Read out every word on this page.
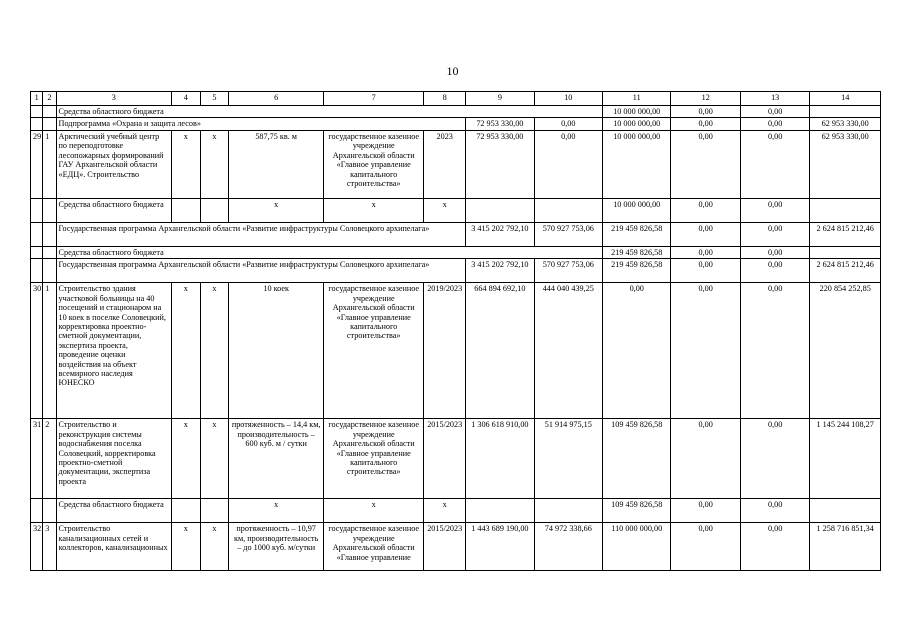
10
1	2	3	4	5	6	7	8	9	10	11	12	13	14
		Средства областного бюджета								10 000 000,00	0,00	0,00	
		Подпрограмма «Охрана и защита лесов»						72 953 330,00	0,00	10 000 000,00	0,00	0,00	62 953 330,00
29	1	Арктический учебный центр по переподготовке лесопожарных формирований ГАУ Архангельской области «ЕДЦ». Строительство	х	х	587,75 кв. м	государственное казенное учреждение Архангельской области «Главное управление капитального строительства»	2023	72 953 330,00	0,00	10 000 000,00	0,00	0,00	62 953 330,00
		Средства областного бюджета			х	х	х			10 000 000,00	0,00	0,00	
		Государственная программа Архангельской области «Развитие инфраструктуры Соловецкого архипелага»						3 415 202 792,10	570 927 753,06	219 459 826,58	0,00	0,00	2 624 815 212,46
		Средства областного бюджета								219 459 826,58	0,00	0,00	
		Государственная программа Архангельской области «Развитие инфраструктуры Соловецкого архипелага»						3 415 202 792,10	570 927 753,06	219 459 826,58	0,00	0,00	2 624 815 212,46
30	1	Строительство здания участковой больницы на 40 посещений и стационаром на 10 коек в поселке Соловецкий, корректировка проектно-сметной документации, экспертиза проекта, проведение оценки воздействия на объект всемирного наследия ЮНЕСКО	х	х	10 коек	государственное казенное учреждение Архангельской области «Главное управление капитального строительства»	2019/2023	664 894 692,10	444 040 439,25	0,00	0,00	0,00	220 854 252,85
31	2	Строительство и реконструкция системы водоснабжения поселка Соловецкий, корректировка проектно-сметной документации, экспертиза проекта	х	х	протяженность – 14,4 км, производительность – 600 куб. м / сутки	государственное казенное учреждение Архангельской области «Главное управление капитального строительства»	2015/2023	1 306 618 910,00	51 914 975,15	109 459 826,58	0,00	0,00	1 145 244 108,27
		Средства областного бюджета			х	х	х			109 459 826,58	0,00	0,00	
32	3	Строительство канализационных сетей и коллекторов, канализационных	х	х	протяженность – 10,97 км, производительность – до 1000 куб. м/сутки	государственное казенное учреждение Архангельской области «Главное управление	2015/2023	1 443 689 190,00	74 972 338,66	110 000 000,00	0,00	0,00	1 258 716 851,34
